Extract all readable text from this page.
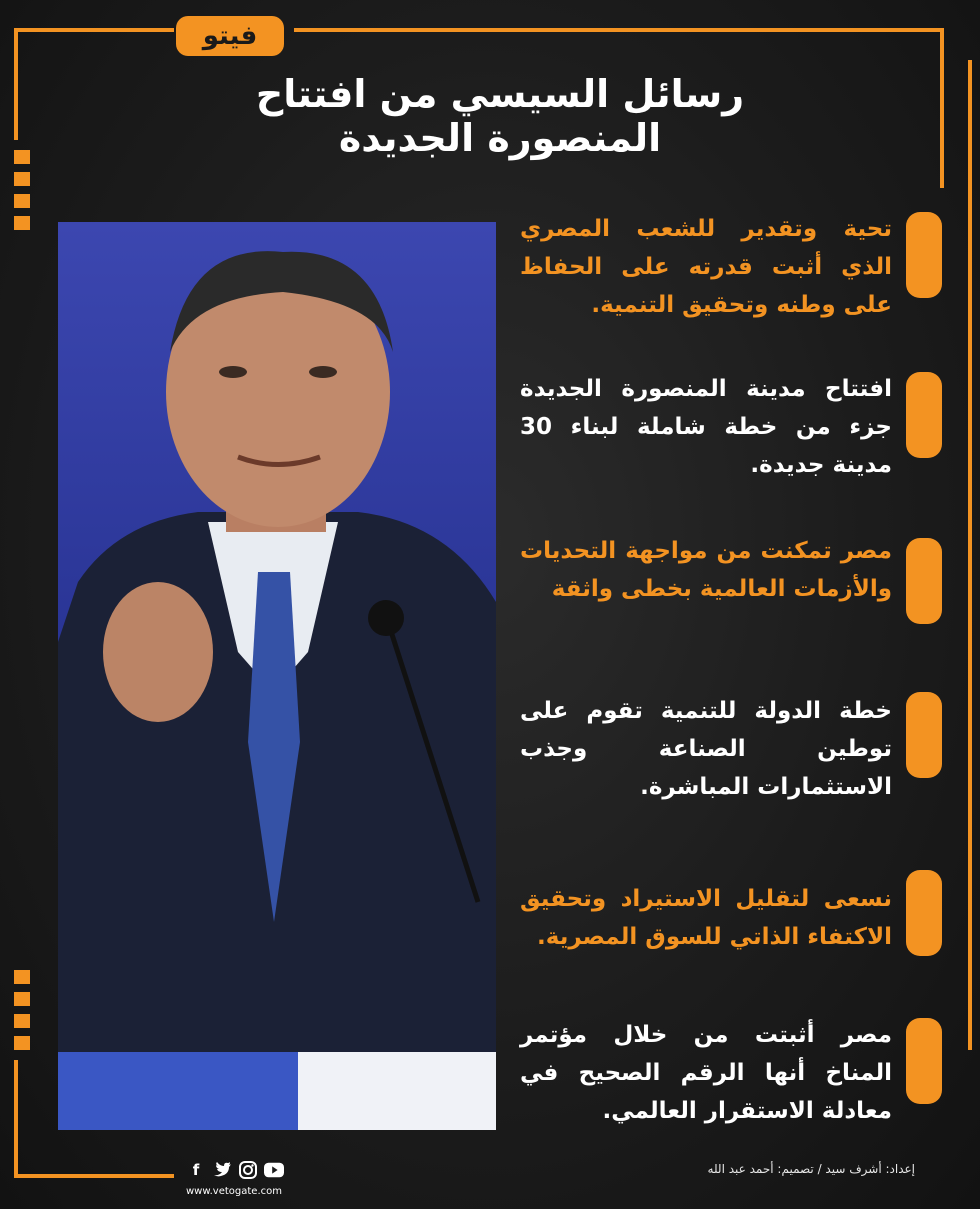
فيتو
رسائل السيسي من افتتاح
المنصورة الجديدة
تحية وتقدير للشعب المصري الذي أثبت قدرته على الحفاظ على وطنه وتحقيق التنمية.
افتتاح مدينة المنصورة الجديدة جزء من خطة شاملة لبناء 30 مدينة جديدة.
مصر تمكنت من مواجهة التحديات والأزمات العالمية بخطى واثقة
خطة الدولة للتنمية تقوم على توطين الصناعة وجذب الاستثمارات المباشرة.
نسعى لتقليل الاستيراد وتحقيق الاكتفاء الذاتي للسوق المصرية.
مصر أثبتت من خلال مؤتمر المناخ أنها الرقم الصحيح في معادلة الاستقرار العالمي.
إعداد: أشرف سيد / تصميم: أحمد عبد الله
f
www.vetogate.com
